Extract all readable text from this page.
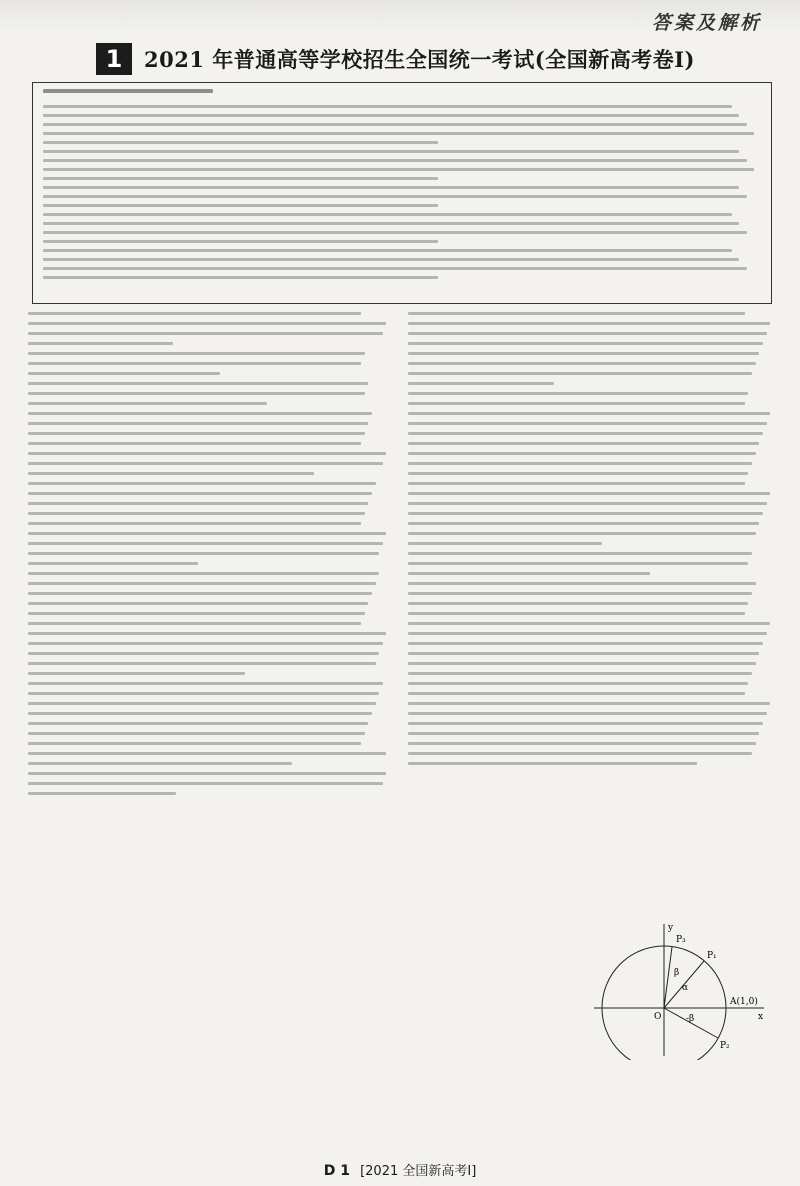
答案及解析
1	2021 年普通高等学校招生全国统一考试(全国新高考卷Ⅰ)
P₃
P₁
A(1,0)
P₂
O
α
β
-β	x
y
D 1 [2021 全国新高考Ⅰ]
